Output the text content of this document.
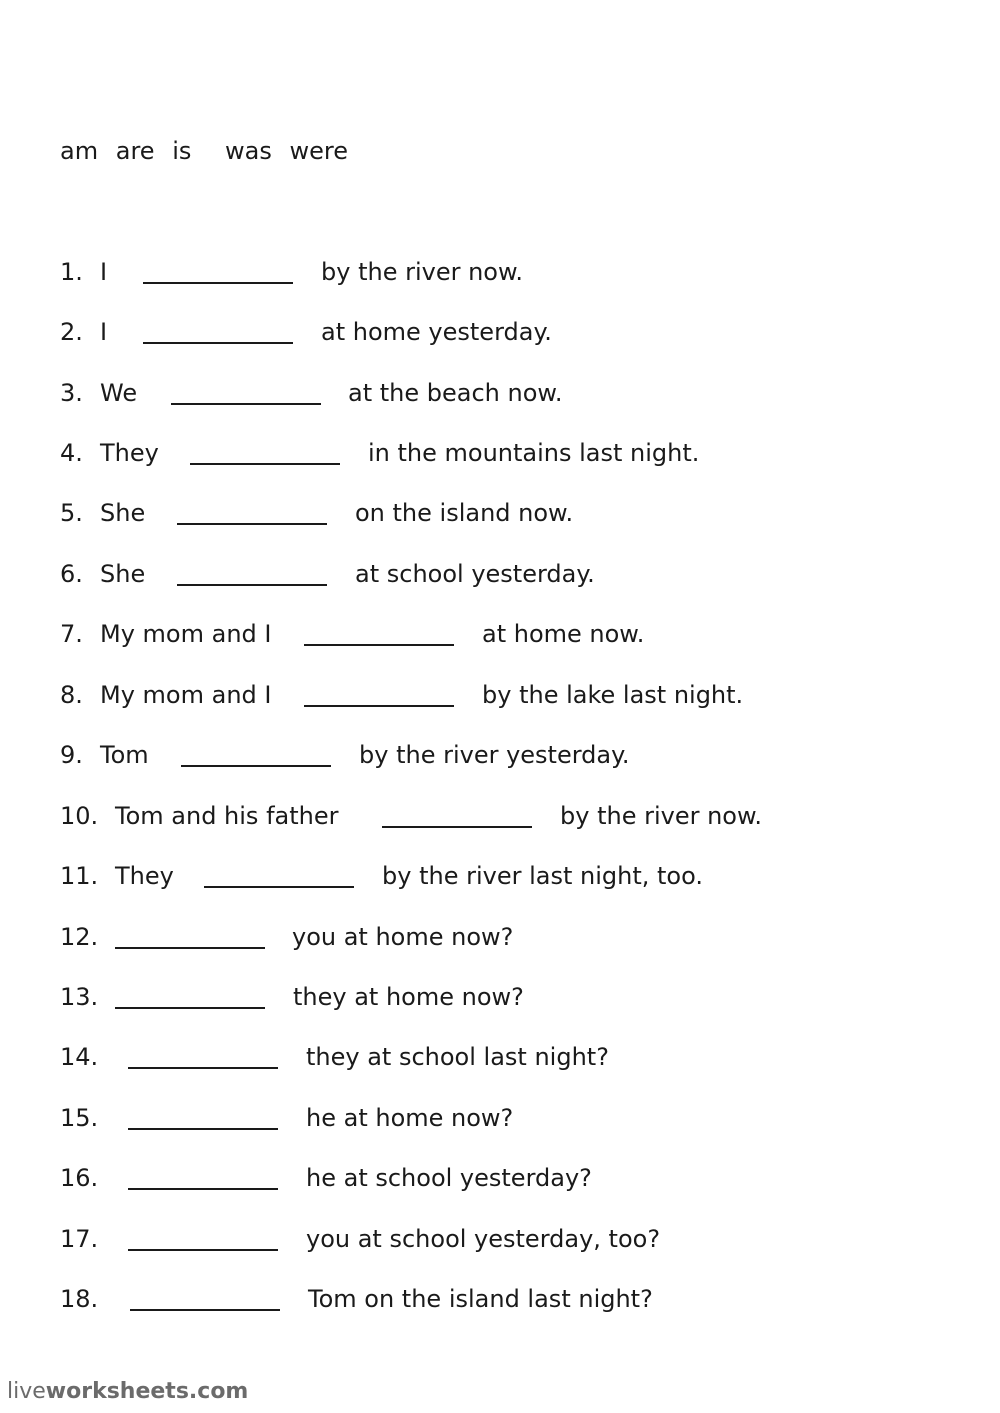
am are is was were
1. I	by the river now.
2. I	at home yesterday.
3. We	at the beach now.
4. They	in the mountains last night.
5. She	on the island now.
6. She	at school yesterday.
7. My mom and I	at home now.
8. My mom and I	by the lake last night.
9. Tom	by the river yesterday.
10. Tom and his father	by the river now.
11. They	by the river last night, too.
12.	you at home now?
13.	they at home now?
14.	they at school last night?
15.	he at home now?
16.	he at school yesterday?
17.	you at school yesterday, too?
18.	Tom on the island last night?
liveworksheets.com
